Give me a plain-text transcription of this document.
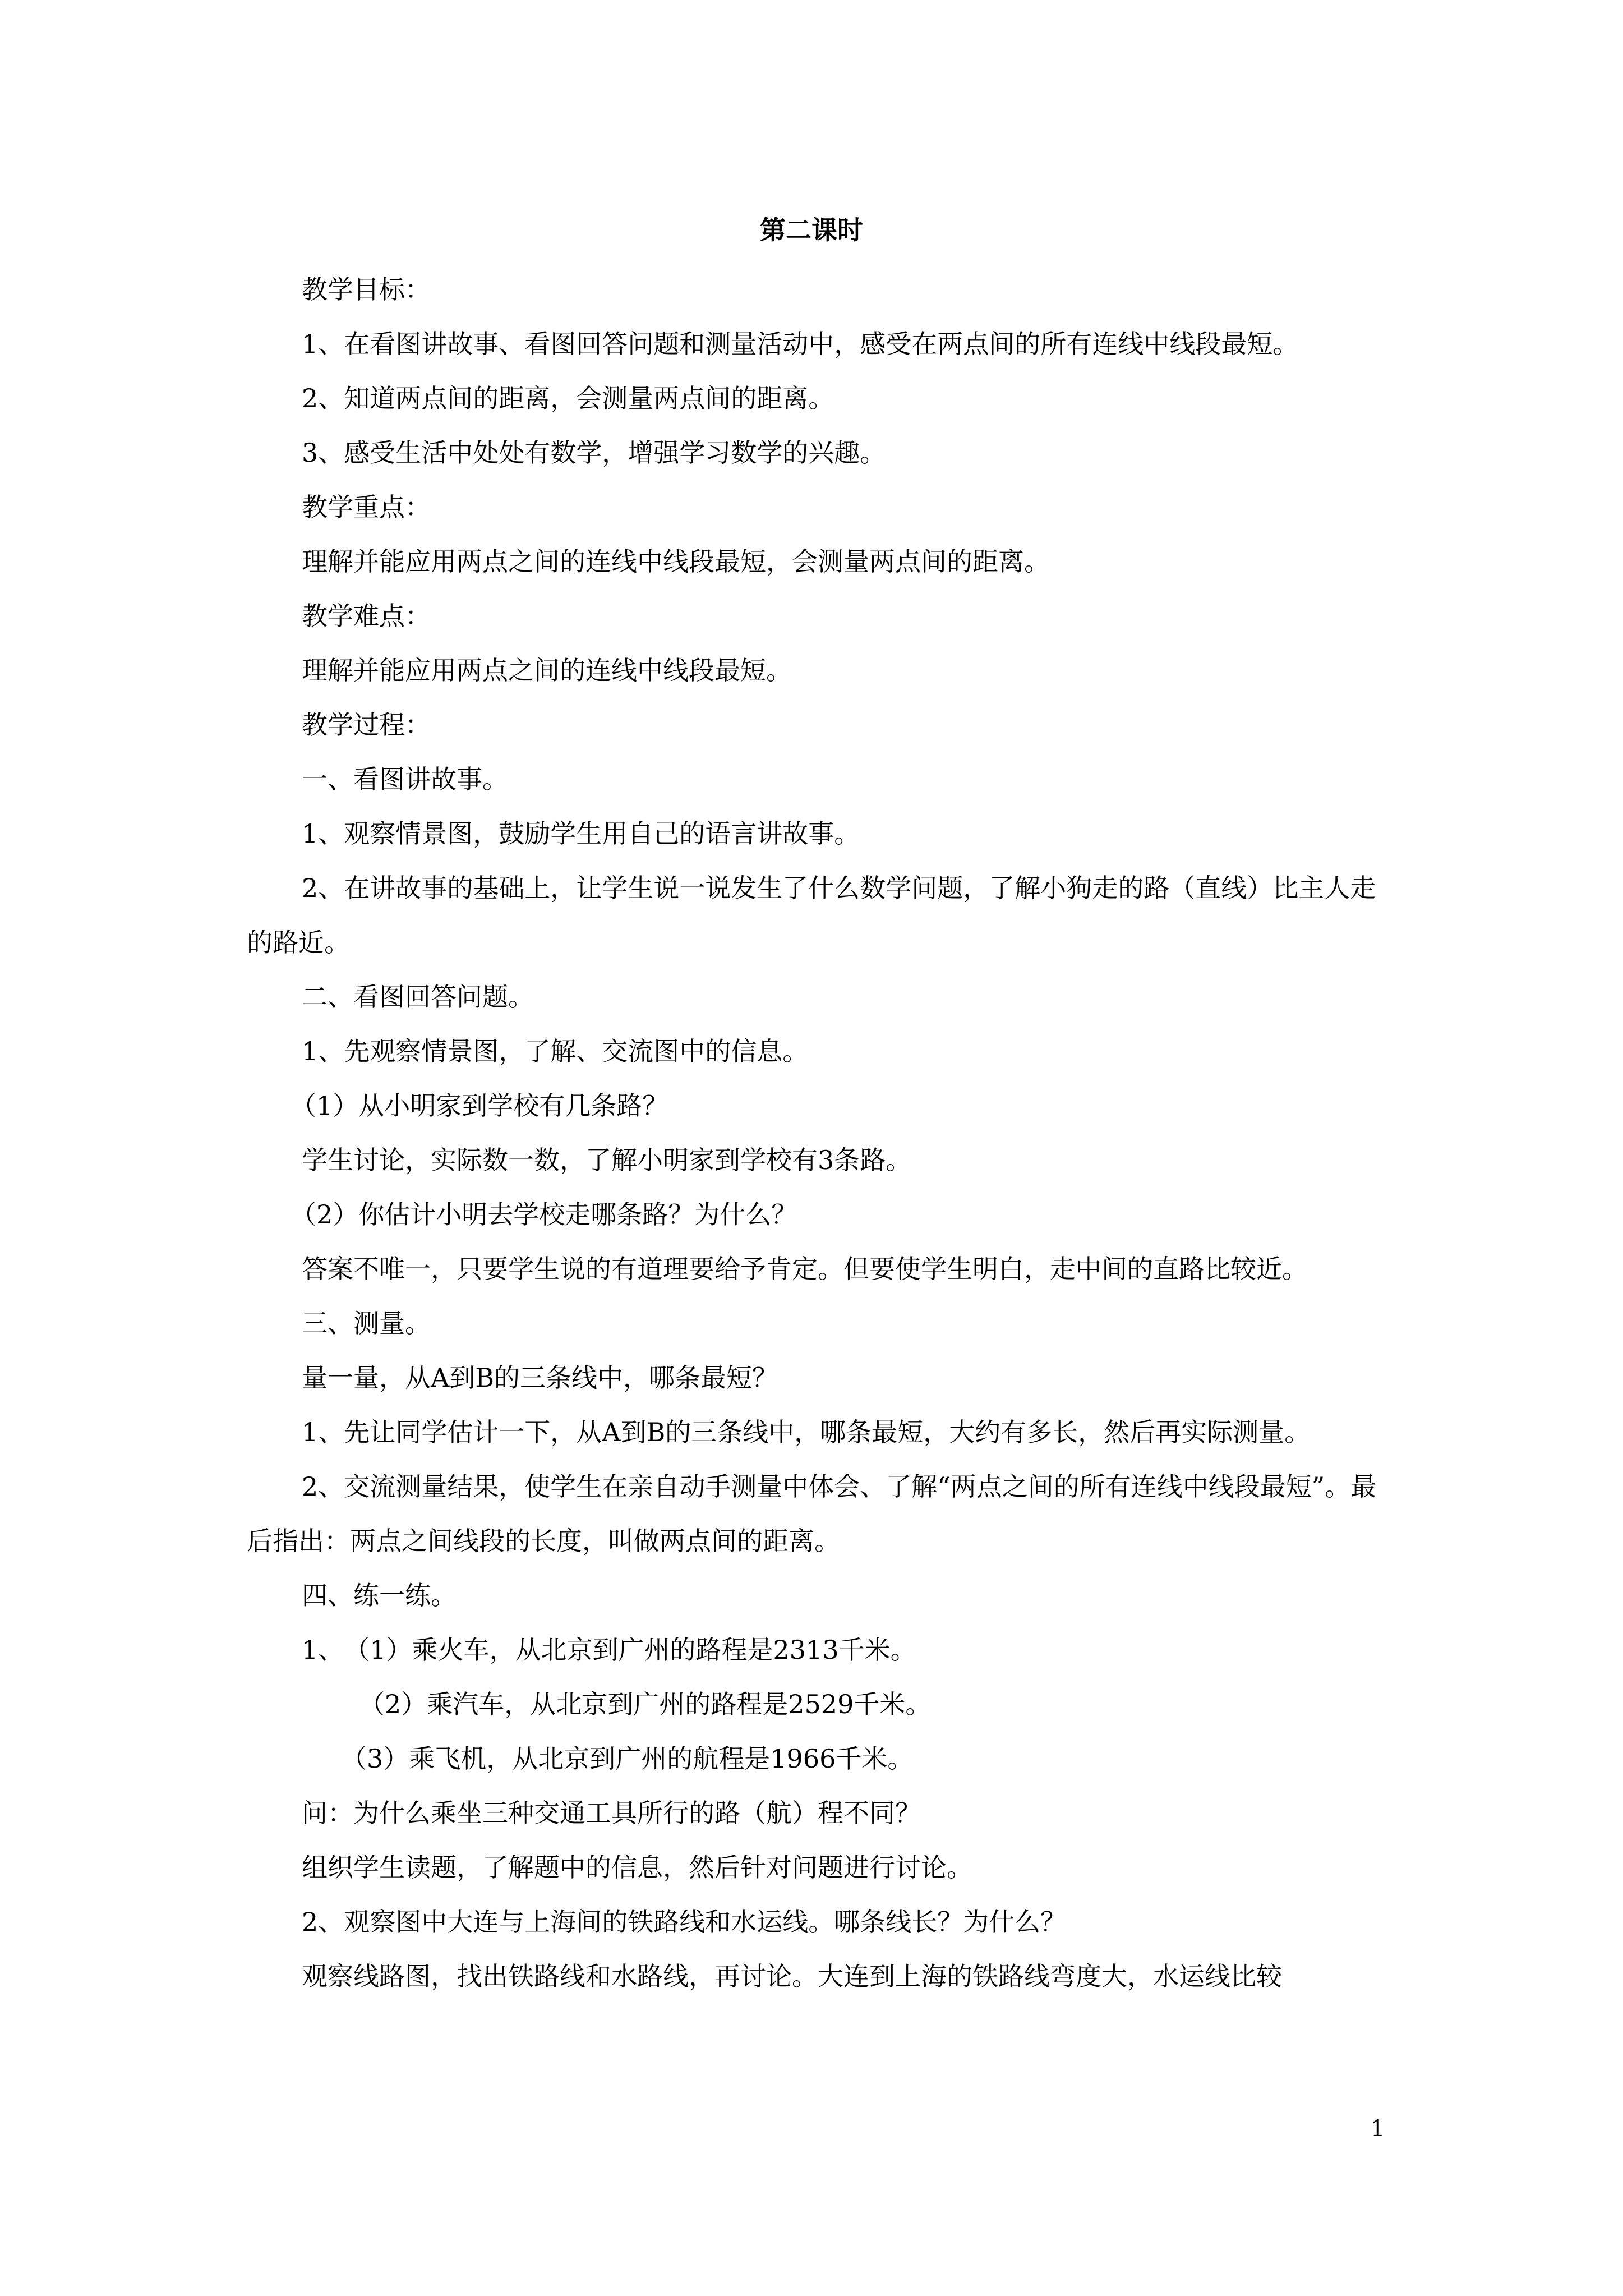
第二课时

教学目标：

1、在看图讲故事、看图回答问题和测量活动中，感受在两点间的所有连线中线段最短。

2、知道两点间的距离，会测量两点间的距离。

3、感受生活中处处有数学，增强学习数学的兴趣。

教学重点：

理解并能应用两点之间的连线中线段最短，会测量两点间的距离。

教学难点：

理解并能应用两点之间的连线中线段最短。

教学过程：

一、看图讲故事。

1、观察情景图，鼓励学生用自己的语言讲故事。

2、在讲故事的基础上，让学生说一说发生了什么数学问题，了解小狗走的路（直线）比主人走的路近。

二、看图回答问题。

1、先观察情景图，了解、交流图中的信息。

（1）从小明家到学校有几条路？

学生讨论，实际数一数，了解小明家到学校有3条路。

（2）你估计小明去学校走哪条路？为什么？

答案不唯一，只要学生说的有道理要给予肯定。但要使学生明白，走中间的直路比较近。

三、测量。

量一量，从A到B的三条线中，哪条最短？

1、先让同学估计一下，从A到B的三条线中，哪条最短，大约有多长，然后再实际测量。

2、交流测量结果，使学生在亲自动手测量中体会、了解“两点之间的所有连线中线段最短”。最后指出：两点之间线段的长度，叫做两点间的距离。

四、练一练。

1、　（1）乘火车，从北京到广州的路程是2313千米。

（2）乘汽车，从北京到广州的路程是2529千米。

（3）乘飞机，从北京到广州的航程是1966千米。

问：为什么乘坐三种交通工具所行的路（航）程不同？

组织学生读题，了解题中的信息，然后针对问题进行讨论。

2、观察图中大连与上海间的铁路线和水运线。哪条线长？为什么？

观察线路图，找出铁路线和水路线，再讨论。大连到上海的铁路线弯度大，水运线比较

1
